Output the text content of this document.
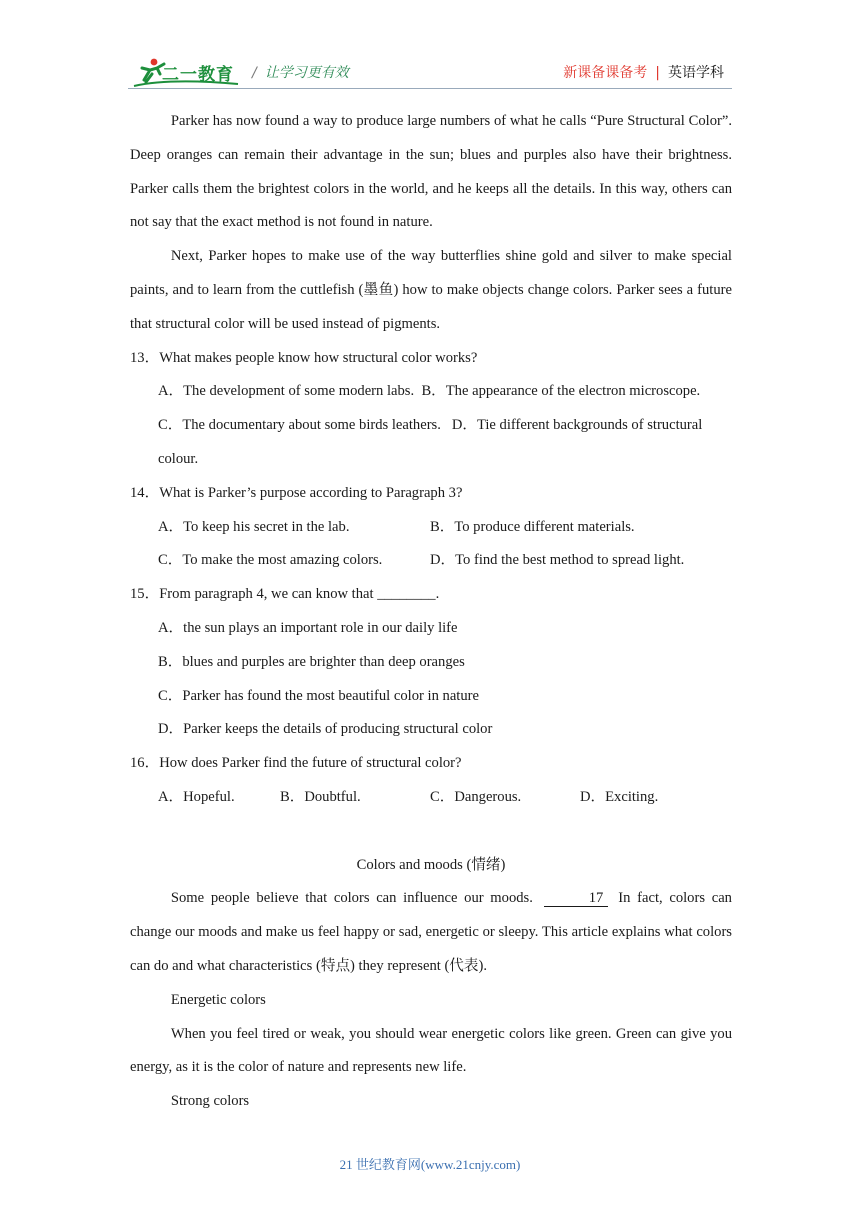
二一教育 / 让学习更有效	新课备课备考 | 英语学科

Parker has now found a way to produce large numbers of what he calls “Pure Structural Color”. Deep oranges can remain their advantage in the sun; blues and purples also have their brightness. Parker calls them the brightest colors in the world, and he keeps all the details. In this way, others can not say that the exact method is not found in nature.

Next, Parker hopes to make use of the way butterflies shine gold and silver to make special paints, and to learn from the cuttlefish (墨鱼) how to make objects change colors. Parker sees a future that structural color will be used instead of pigments.

13．What makes people know how structural color works?

A．The development of some modern labs. B．The appearance of the electron microscope.

C．The documentary about some birds leathers. D．Tie different backgrounds of structural

colour.

14．What is Parker’s purpose according to Paragraph 3?

A．To keep his secret in the lab.	B．To produce different materials.

C．To make the most amazing colors.	D．To find the best method to spread light.

15．From paragraph 4, we can know that ________.

A．the sun plays an important role in our daily life

B．blues and purples are brighter than deep oranges

C．Parker has found the most beautiful color in nature

D．Parker keeps the details of producing structural color

16．How does Parker find the future of structural color?

A．Hopeful.	B．Doubtful.	C．Dangerous.	D．Exciting.

Colors and moods (情绪)

Some people believe that colors can influence our moods.	17 In fact, colors can change our moods and make us feel happy or sad, energetic or sleepy. This article explains what colors can do and what characteristics (特点) they represent (代表).

Energetic colors

When you feel tired or weak, you should wear energetic colors like green. Green can give you energy, as it is the color of nature and represents new life.

Strong colors

21 世纪教育网(www.21cnjy.com)
